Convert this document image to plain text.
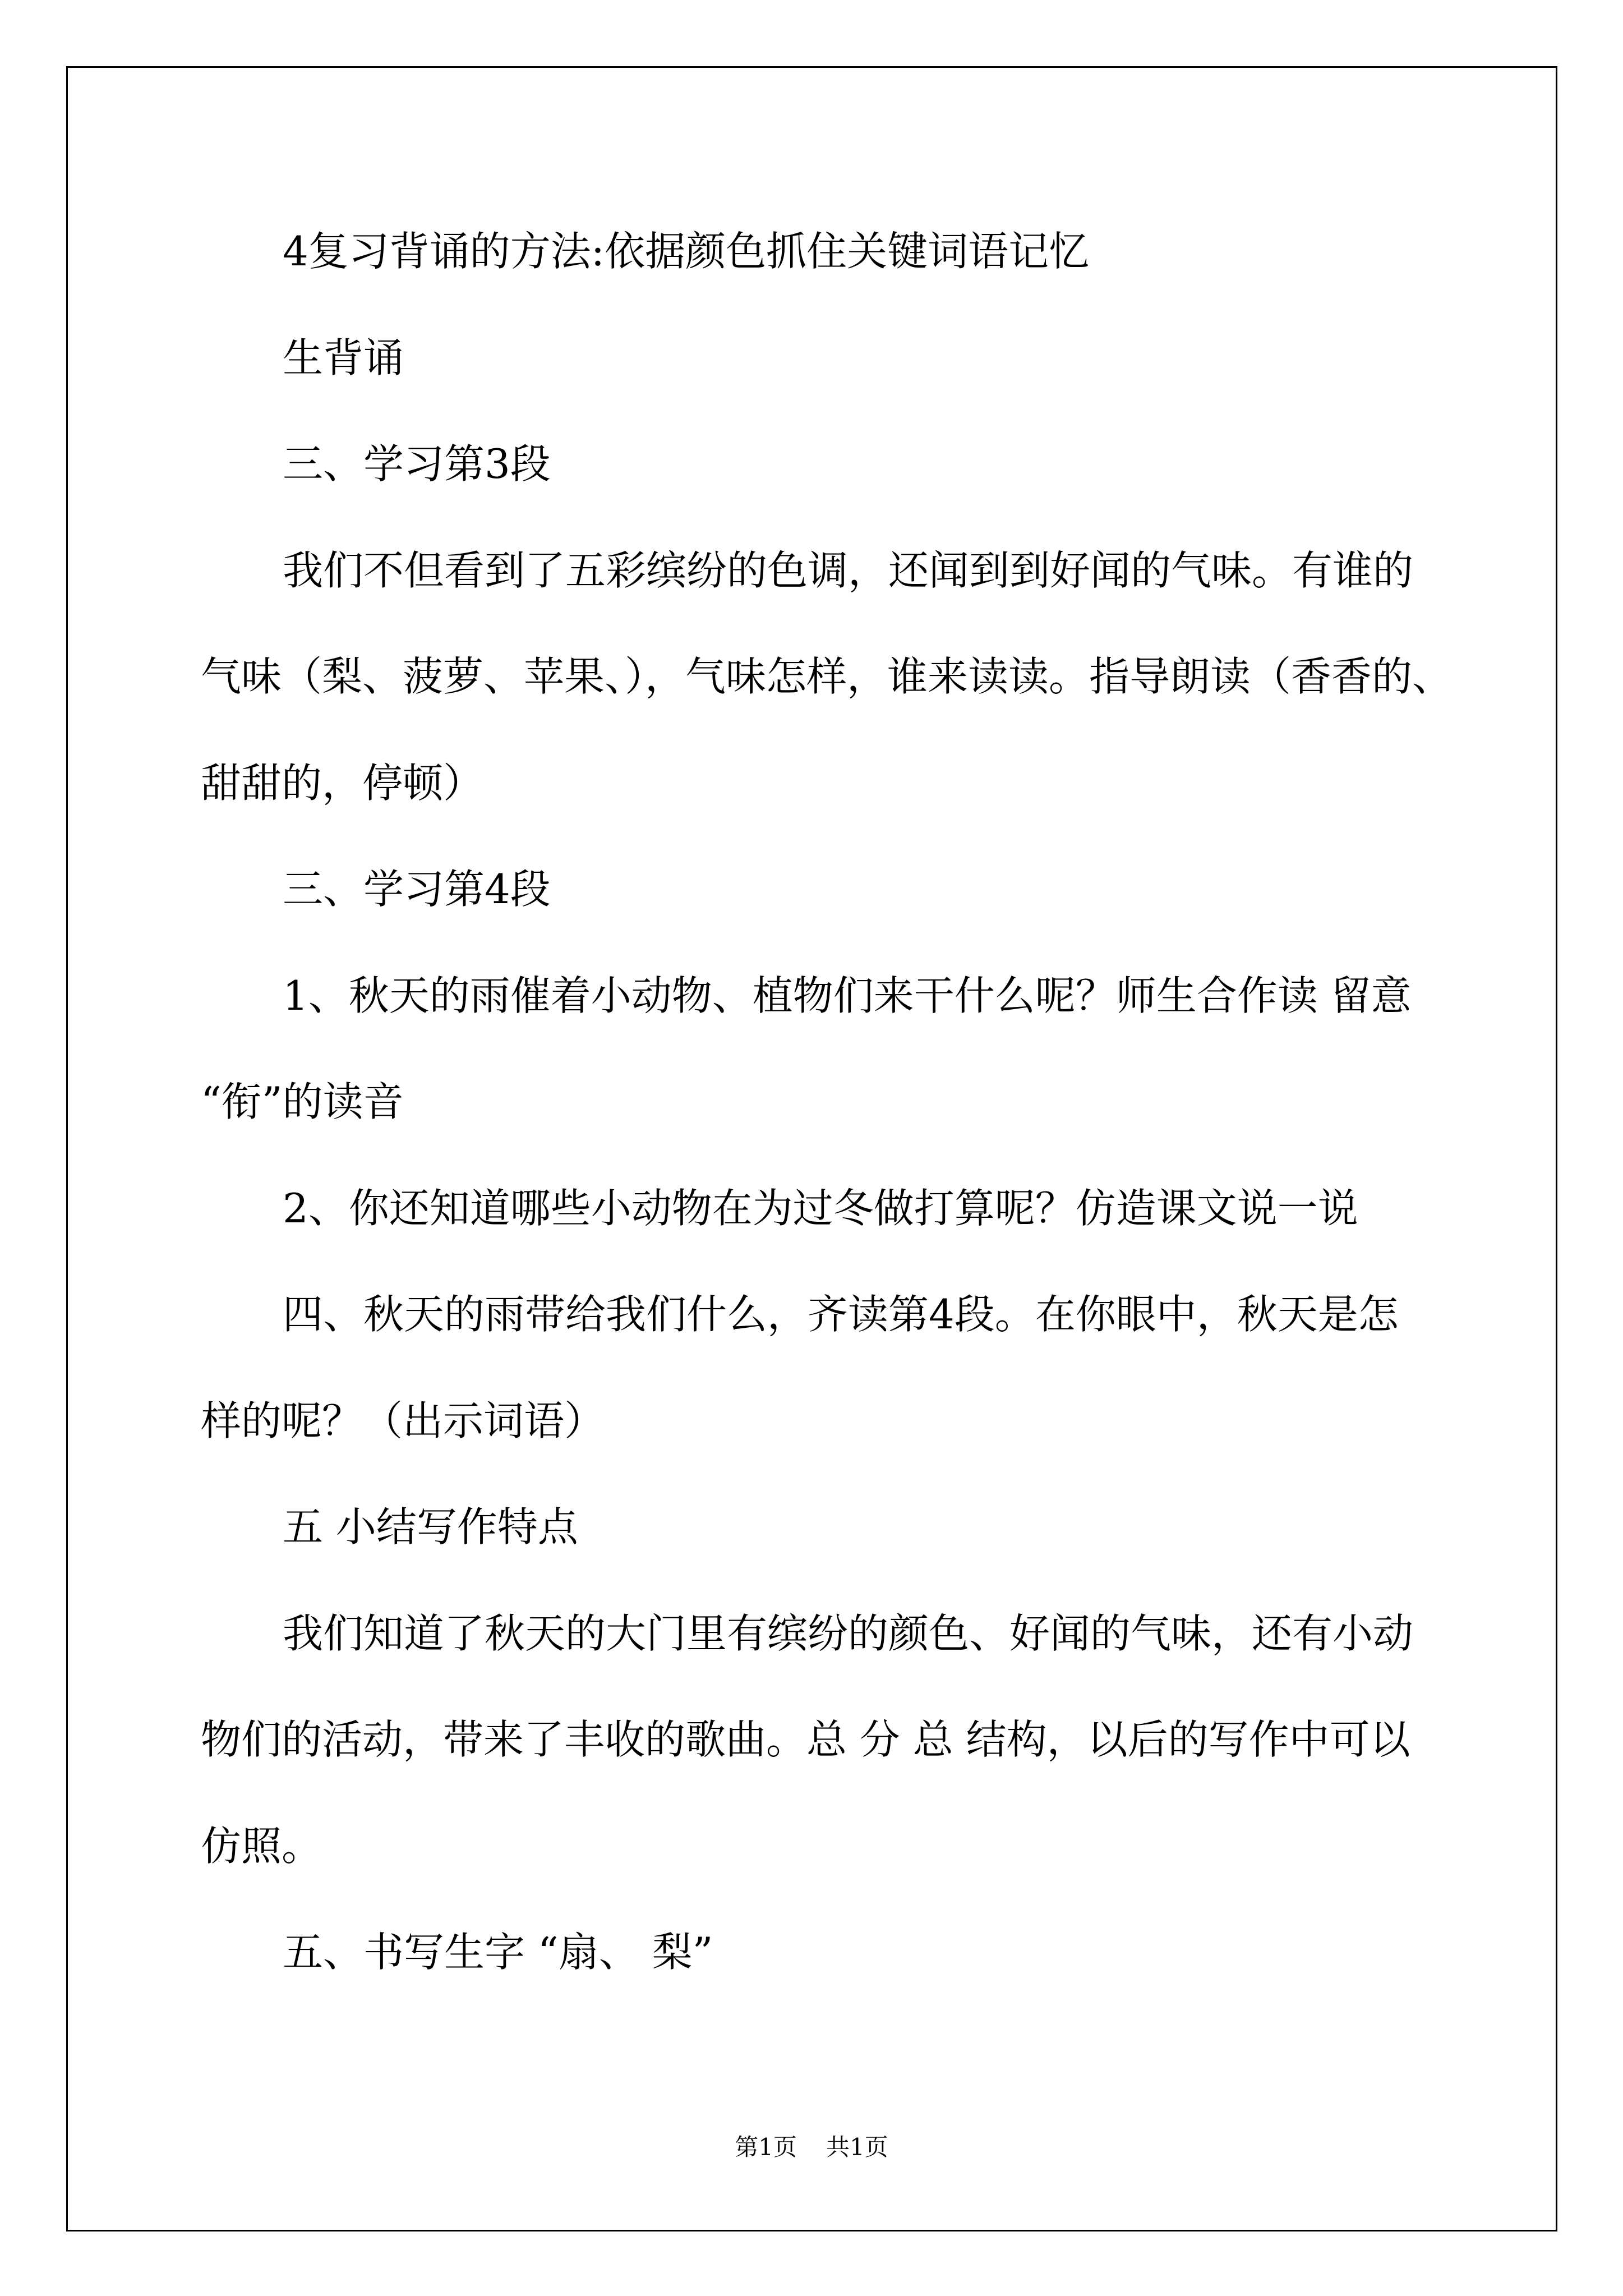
4复习背诵的方法:依据颜色抓住关键词语记忆
生背诵
三、学习第3段
我们不但看到了五彩缤纷的色调，还闻到到好闻的气味。有谁的
气味（梨、菠萝、苹果、），气味怎样，谁来读读。指导朗读（香香的、
甜甜的，停顿）
三、学习第4段
1、秋天的雨催着小动物、植物们来干什么呢？师生合作读 留意
“衔”的读音
2、你还知道哪些小动物在为过冬做打算呢？仿造课文说一说
四、秋天的雨带给我们什么，齐读第4段。在你眼中，秋天是怎
样的呢？（出示词语）
五 小结写作特点
我们知道了秋天的大门里有缤纷的颜色、好闻的气味，还有小动
物们的活动，带来了丰收的歌曲。总 分 总 结构，以后的写作中可以
仿照。
五、书写生字 “扇、 梨”
第1页 共1页
